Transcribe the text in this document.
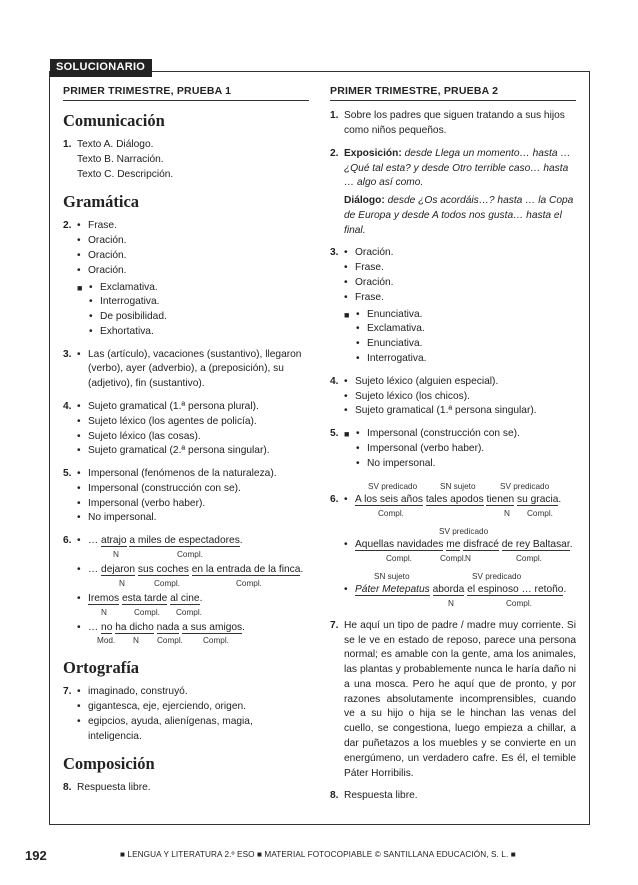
SOLUCIONARIO
PRIMER TRIMESTRE, PRUEBA 1
Comunicación
1. Texto A. Diálogo.
Texto B. Narración.
Texto C. Descripción.
Gramática
2. • Frase.
• Oración.
• Oración.
• Oración.
■ • Exclamativa.
• Interrogativa.
• De posibilidad.
• Exhortativa.
3. • Las (artículo), vacaciones (sustantivo), llegaron (verbo), ayer (adverbio), a (preposición), su (adjetivo), fin (sustantivo).
4. • Sujeto gramatical (1.ª persona plural).
• Sujeto léxico (los agentes de policía).
• Sujeto léxico (las cosas).
• Sujeto gramatical (2.ª persona singular).
5. • Impersonal (fenómenos de la naturaleza).
• Impersonal (construcción con se).
• Impersonal (verbo haber).
• No impersonal.
6. • … atrajo a miles de espectadores.
N	Compl.
• … dejaron sus coches en la entrada de la finca.
N	Compl.	Compl.
• Iremos esta tarde al cine.
N	Compl. Compl.
• … no ha dicho nada a sus amigos.
Mod. N Compl. Compl.
Ortografía
7. • imaginado, construyó.
• gigantesca, eje, ejerciendo, origen.
• egipcios, ayuda, alienígenas, magia, inteligencia.
Composición
8. Respuesta libre.
PRIMER TRIMESTRE, PRUEBA 2
1. Sobre los padres que siguen tratando a sus hijos como niños pequeños.
2. Exposición: desde Llega un momento… hasta … ¿Qué tal esta? y desde Otro terrible caso… hasta … algo así como.
Diálogo: desde ¿Os acordáis…? hasta … la Copa de Europa y desde A todos nos gusta… hasta el final.
3. • Oración.
• Frase.
• Oración.
• Frase.
■ • Enunciativa.
• Exclamativa.
• Enunciativa.
• Interrogativa.
4. • Sujeto léxico (alguien especial).
• Sujeto léxico (los chicos).
• Sujeto gramatical (1.ª persona singular).
5. ■ • Impersonal (construcción con se).
• Impersonal (verbo haber).
• No impersonal.
6.
SV predicado	SN sujeto	SV predicado
• A los seis años tales apodos tienen su gracia.
Compl.	N Compl.
SV predicado
• Aquellas navidades me disfracé de rey Baltasar.
Compl.	Compl. N	Compl.
SN sujeto	SV predicado
• Páter Metepatus aborda el espinoso … retoño.
N	Compl.
7. He aquí un tipo de padre / madre muy corriente. Si se le ve en estado de reposo, parece una persona normal; es amable con la gente, ama los animales, las plantas y probablemente nunca le haría daño ni a una mosca. Pero he aquí que de pronto, y por razones absolutamente incomprensibles, cuando ve a su hijo o hija se le hinchan las venas del cuello, se congestiona, luego empieza a chillar, a dar puñetazos a los muebles y se convierte en un energúmeno, un verdadero cafre. Es él, el temible Páter Horribilis.
8. Respuesta libre.
192	■ LENGUA Y LITERATURA 2.º ESO ■ MATERIAL FOTOCOPIABLE © SANTILLANA EDUCACIÓN, S. L. ■
